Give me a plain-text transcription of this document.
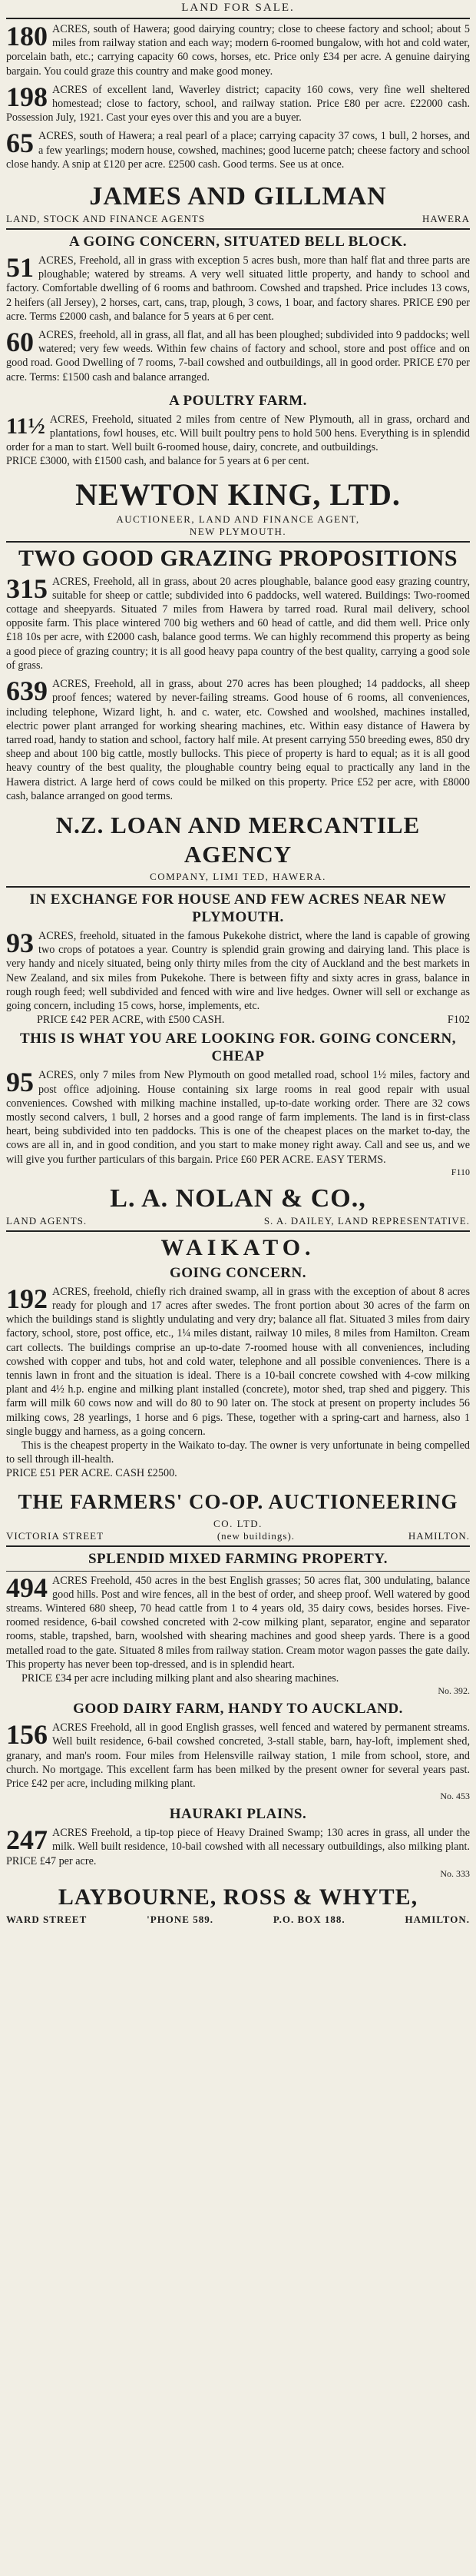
LAND FOR SALE.
180 ACRES, south of Hawera; good dairying country; close to cheese factory and school; about 5 miles from railway station and each way; modern 6-roomed bungalow, with hot and cold water, porcelain bath, etc.; carrying capacity 60 cows, horses, etc. Price only £34 per acre. A genuine dairying bargain. You could graze this country and make good money.
198 ACRES of excellent land, Waverley district; capacity 160 cows, very fine well sheltered homestead; close to factory, school, and railway station. Price £80 per acre. £22000 cash. Possession July, 1921. Cast your eyes over this and you are a buyer.
65 ACRES, south of Hawera; a real pearl of a place; carrying capacity 37 cows, 1 bull, 2 horses, and a few yearlings; modern house, cowshed, machines; good lucerne patch; cheese factory and school close handy. A snip at £120 per acre. £2500 cash. Good terms. See us at once.
JAMES AND GILLMAN
LAND, STOCK AND FINANCE AGENTS	HAWERA
A GOING CONCERN, SITUATED BELL BLOCK.
51 ACRES, Freehold, all in grass with exception 5 acres bush, more than half flat and three parts are ploughable; watered by streams. A very well situated little property, and handy to school and factory. Comfortable dwelling of 6 rooms and bathroom. Cowshed and trapshed. Price includes 13 cows, 2 heifers (all Jersey), 2 horses, cart, cans, trap, plough, 3 cows, 1 boar, and factory shares. PRICE £90 per acre. Terms £2000 cash, and balance for 5 years at 6 per cent.
60 ACRES, freehold, all in grass, all flat, and all has been ploughed; subdivided into 9 paddocks; well watered; very few weeds. Within few chains of factory and school, store and post office and on good road. Good Dwelling of 7 rooms, 7-bail cowshed and outbuildings, all in good order. PRICE £70 per acre. Terms: £1500 cash and balance arranged.
A POULTRY FARM.
11½ ACRES, Freehold, situated 2 miles from centre of New Plymouth, all in grass, orchard and plantations, fowl houses, etc. Will built poultry pens to hold 500 hens. Everything is in splendid order for a man to start. Well built 6-roomed house, dairy, concrete, and outbuildings.
PRICE £3000, with £1500 cash, and balance for 5 years at 6 per cent.
NEWTON KING, LTD.
AUCTIONEER, LAND AND FINANCE AGENT,
NEW PLYMOUTH.
TWO GOOD GRAZING PROPOSITIONS
315 ACRES, Freehold, all in grass, about 20 acres ploughable, balance good easy grazing country, suitable for sheep or cattle; subdivided into 6 paddocks, well watered. Buildings: Two-roomed cottage and sheepyards. Situated 7 miles from Hawera by tarred road. Rural mail delivery, school opposite farm. This place wintered 700 big wethers and 60 head of cattle, and did them well. Price only £18 10s per acre, with £2000 cash, balance good terms. We can highly recommend this property as being a good piece of grazing country; it is all good heavy papa country of the best quality, carrying a good sole of grass.
639 ACRES, Freehold, all in grass, about 270 acres has been ploughed; 14 paddocks, all sheep proof fences; watered by never-failing streams. Good house of 6 rooms, all conveniences, including telephone, Wizard light, h. and c. water, etc. Cowshed and woolshed, machines installed, electric power plant arranged for working shearing machines, etc. Within easy distance of Hawera by tarred road, handy to station and school, factory half mile. At present carrying 550 breeding ewes, 850 dry sheep and about 100 big cattle, mostly bullocks. This piece of property is hard to equal; as it is all good heavy country of the best quality, the ploughable country being equal to practically any land in the Hawera district. A large herd of cows could be milked on this property. Price £52 per acre, with £8000 cash, balance arranged on good terms.
N.Z. LOAN AND MERCANTILE AGENCY
COMPANY, LIMI TED, HAWERA.
IN EXCHANGE FOR HOUSE AND FEW ACRES NEAR NEW PLYMOUTH.
93 ACRES, freehold, situated in the famous Pukekohe district, where the land is capable of growing two crops of potatoes a year. Country is splendid grain growing and dairying land. This place is very handy and nicely situated, being only thirty miles from the city of Auckland and the best markets in New Zealand, and six miles from Pukekohe. There is between fifty and sixty acres in grass, balance in rough rough feed; well subdivided and fenced with wire and live hedges. Owner will sell or exchange as going concern, including 15 cows, horse, implements, etc.
PRICE £42 PER ACRE, with £500 CASH.	F102
THIS IS WHAT YOU ARE LOOKING FOR. GOING CONCERN, CHEAP
95 ACRES, only 7 miles from New Plymouth on good metalled road, school 1½ miles, factory and post office adjoining. House containing six large rooms in real good repair with usual conveniences. Cowshed with milking machine installed, up-to-date working order. There are 32 cows mostly second calvers, 1 bull, 2 horses and a good range of farm implements. The land is in first-class heart, being subdivided into ten paddocks. This is one of the cheapest places on the market to-day, the cows are all in, and in good condition, and you start to make money right away. Call and see us, and we will give you further particulars of this bargain. Price £60 PER ACRE. EASY TERMS.
F110
L. A. NOLAN & CO.,
LAND AGENTS.	S. A. DAILEY, LAND REPRESENTATIVE.
WAIKATO.
GOING CONCERN.
192 ACRES, freehold, chiefly rich drained swamp, all in grass with the exception of about 8 acres ready for plough and 17 acres after swedes. The front portion about 30 acres of the farm on which the buildings stand is slightly undulating and very dry; balance all flat. Situated 3 miles from dairy factory, school, store, post office, etc., 1¼ miles distant, railway 10 miles, 8 miles from Hamilton. Cream cart collects. The buildings comprise an up-to-date 7-roomed house with all conveniences, including cowshed with copper and tubs, hot and cold water, telephone and all possible conveniences. There is a tennis lawn in front and the situation is ideal. There is a 10-bail concrete cowshed with 4-cow milking plant and 4½ h.p. engine and milking plant installed (concrete), motor shed, trap shed and piggery. This farm will milk 60 cows now and will do 80 to 90 later on. The stock at present on property includes 56 milking cows, 28 yearlings, 1 horse and 6 pigs. These, together with a spring-cart and harness, also 1 single buggy and harness, as a going concern.
This is the cheapest property in the Waikato to-day. The owner is very unfortunate in being compelled to sell through ill-health.
PRICE £51 PER ACRE. CASH £2500.
THE FARMERS' CO-OP. AUCTIONEERING
CO. LTD.
VICTORIA STREET	(new buildings).	HAMILTON.
SPLENDID MIXED FARMING PROPERTY.
494 ACRES Freehold, 450 acres in the best English grasses; 50 acres flat, 300 undulating, balance good hills. Post and wire fences, all in the best of order, and sheep proof. Well watered by good streams. Wintered 680 sheep, 70 head cattle from 1 to 4 years old, 35 dairy cows, besides horses. Five-roomed residence, 6-bail cowshed concreted with 2-cow milking plant, separator, engine and separator rooms, stable, trapshed, barn, woolshed with shearing machines and good sheep yards. There is a good metalled road to the gate. Situated 8 miles from railway station. Cream motor wagon passes the gate daily. This property has never been top-dressed, and is in splendid heart.
PRICE £34 per acre including milking plant and also shearing machines.
No. 392.
GOOD DAIRY FARM, HANDY TO AUCKLAND.
156 ACRES Freehold, all in good English grasses, well fenced and watered by permanent streams. Well built residence, 6-bail cowshed concreted, 3-stall stable, barn, hay-loft, implement shed, granary, and man's room. Four miles from Helensville railway station, 1 mile from school, store, and church. No mortgage. This excellent farm has been milked by the present owner for several years past. Price £42 per acre, including milking plant.
No. 453
HAURAKI PLAINS.
247 ACRES Freehold, a tip-top piece of Heavy Drained Swamp; 130 acres in grass, all under the milk. Well built residence, 10-bail cowshed with all necessary outbuildings, also milking plant. PRICE £47 per acre.
No. 333
LAYBOURNE, ROSS & WHYTE,
WARD STREET	'PHONE 589.	P.O. BOX 188.	HAMILTON.
